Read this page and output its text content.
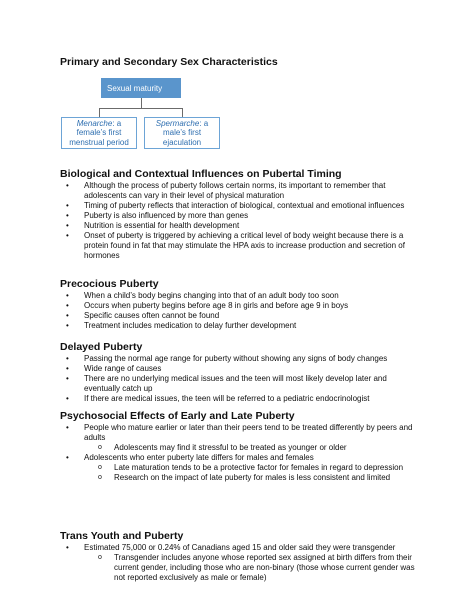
Primary and Secondary Sex Characteristics
Sexual maturity
Menarche: a female’s first menstrual period
Spermarche: a male’s first ejaculation
Biological and Contextual Influences on Pubertal Timing
• Although the process of puberty follows certain norms, its important to remember that adolescents can vary in their level of physical maturation
• Timing of puberty reflects that interaction of biological, contextual and emotional influences
• Puberty is also influenced by more than genes
• Nutrition is essential for health development
• Onset of puberty is triggered by achieving a critical level of body weight because there is a protein found in fat that may stimulate the HPA axis to increase production and secretion of hormones
Precocious Puberty
• When a child’s body begins changing into that of an adult body too soon
• Occurs when puberty begins before age 8 in girls and before age 9 in boys
• Specific causes often cannot be found
• Treatment includes medication to delay further development
Delayed Puberty
• Passing the normal age range for puberty without showing any signs of body changes
• Wide range of causes
• There are no underlying medical issues and the teen will most likely develop later and eventually catch up
• If there are medical issues, the teen will be referred to a pediatric endocrinologist
Psychosocial Effects of Early and Late Puberty
• People who mature earlier or later than their peers tend to be treated differently by peers and adults
o Adolescents may find it stressful to be treated as younger or older
• Adolescents who enter puberty late differs for males and females
o Late maturation tends to be a protective factor for females in regard to depression
o Research on the impact of late puberty for males is less consistent and limited
Trans Youth and Puberty
• Estimated 75,000 or 0.24% of Canadians aged 15 and older said they were transgender
o Transgender includes anyone whose reported sex assigned at birth differs from their current gender, including those who are non-binary (those whose current gender was not reported exclusively as male or female)
